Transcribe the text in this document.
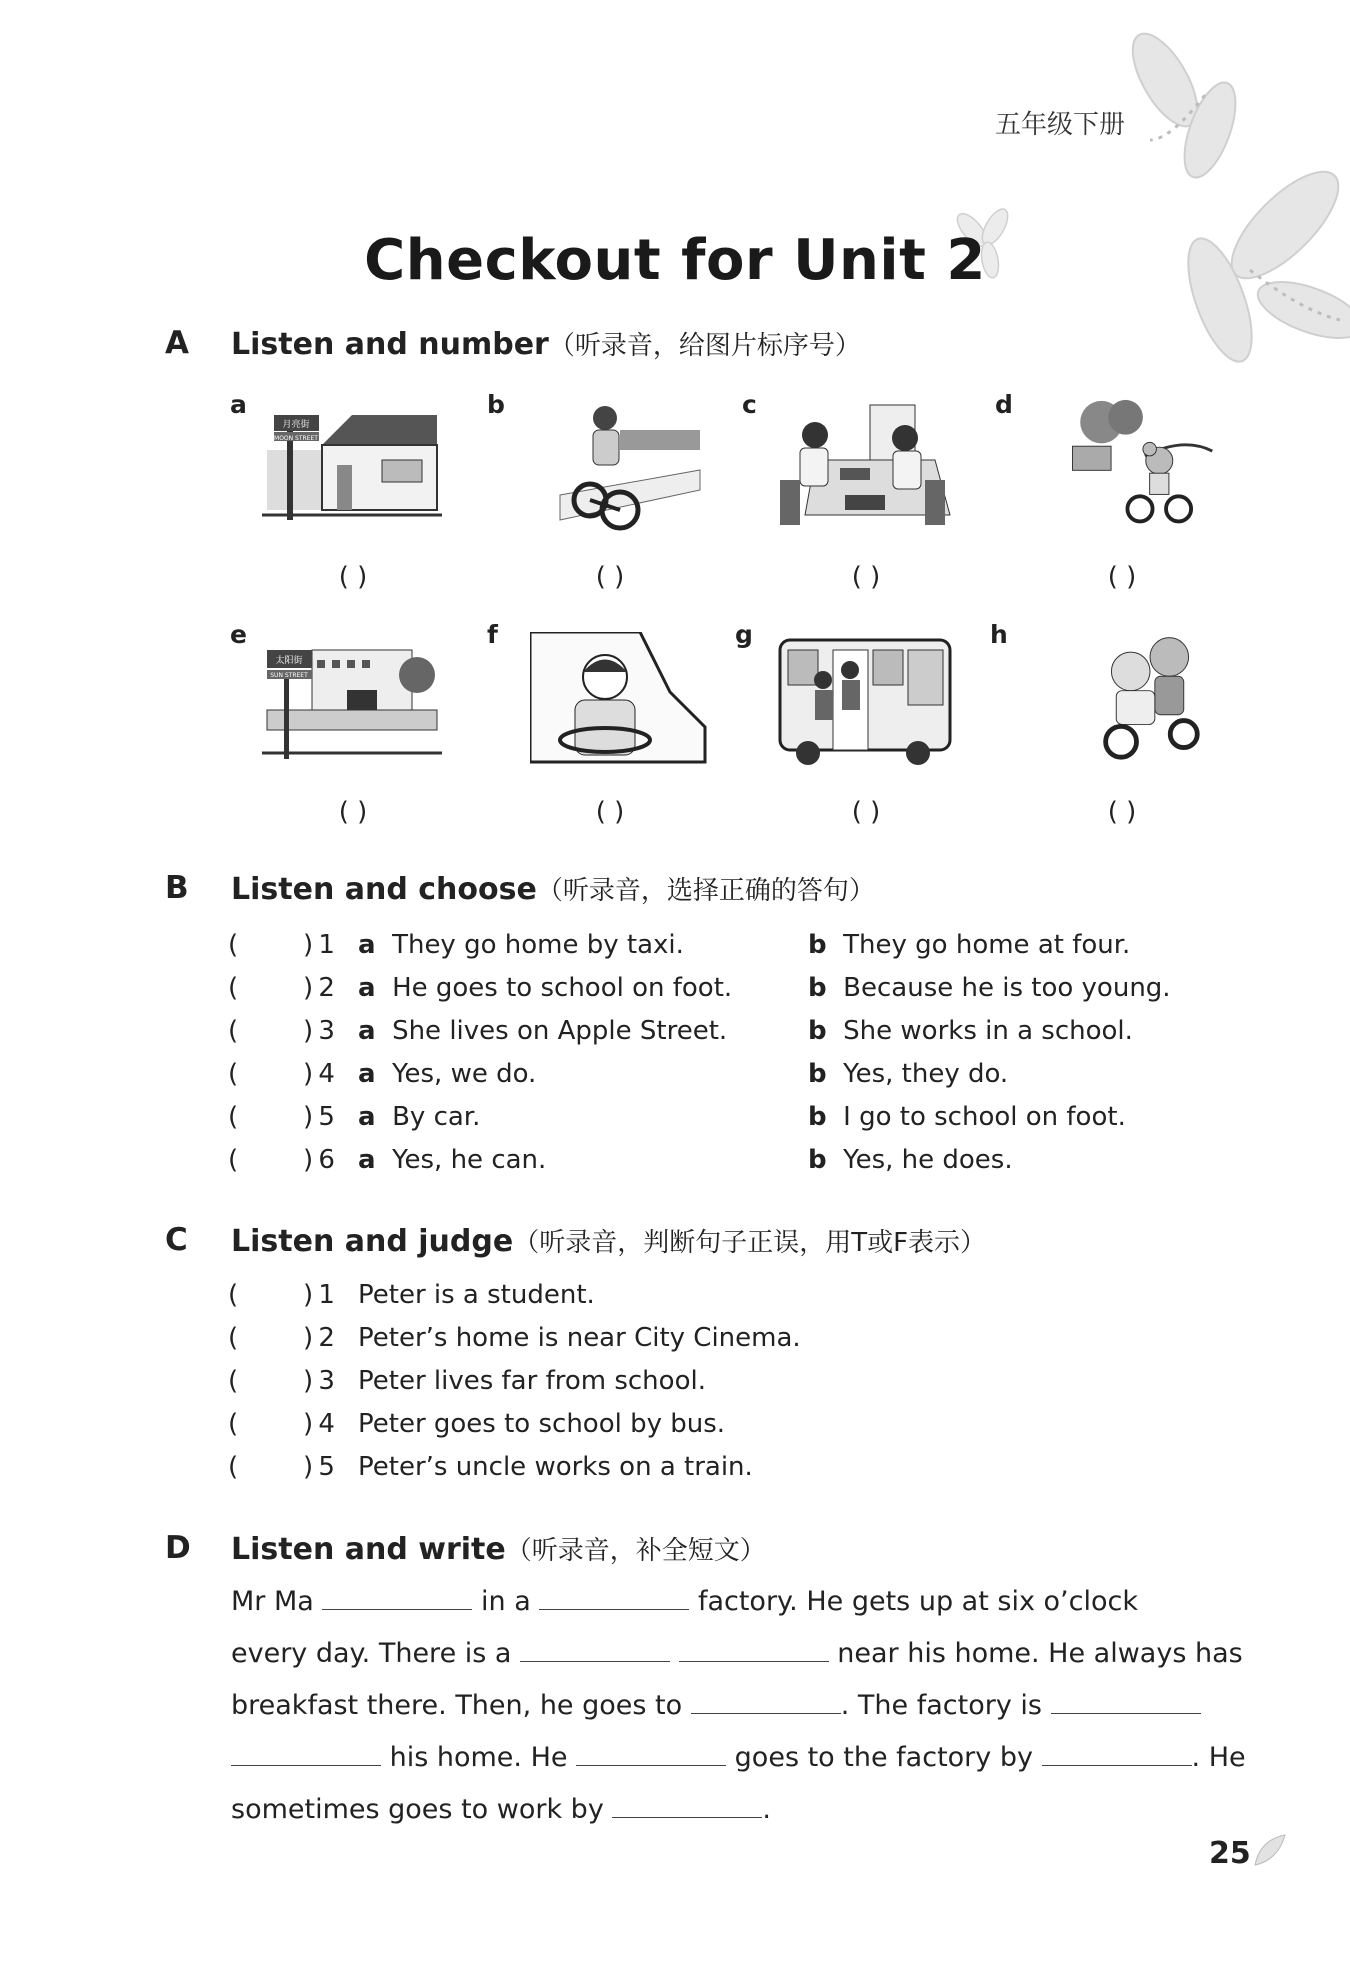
五年级下册
Checkout for Unit 2
A Listen and number（听录音，给图片标序号）
a
月亮街
MOON STREET
b	c	d
( )	( )	( )	( )
e
太阳街
SUN STREET
f	g	h
( )	( )	( )	( )
B Listen and choose（听录音，选择正确的答句）
( )  1 a They go home by taxi.	b They go home at four.
( )  2 a He goes to school on foot.	b Because he is too young.
( )  3 a She lives on Apple Street.	b She works in a school.
( )  4 a Yes, we do.	b Yes, they do.
( )  5 a By car.	b I go to school on foot.
( )  6 a Yes, he can.	b Yes, he does.
C Listen and judge（听录音，判断句子正误，用T或F表示）
( )  1 Peter is a student.
( )  2 Peter’s home is near City Cinema.
( )  3 Peter lives far from school.
( )  4 Peter goes to school by bus.
( )  5 Peter’s uncle works on a train.
D Listen and write（听录音，补全短文）
Mr Ma	in a	factory. He gets up at six o’clock
every day. There is a	near his home. He always has
breakfast there. Then, he goes to	. The factory is
his home. He	goes to the factory by	. He
sometimes goes to work by	.
25
